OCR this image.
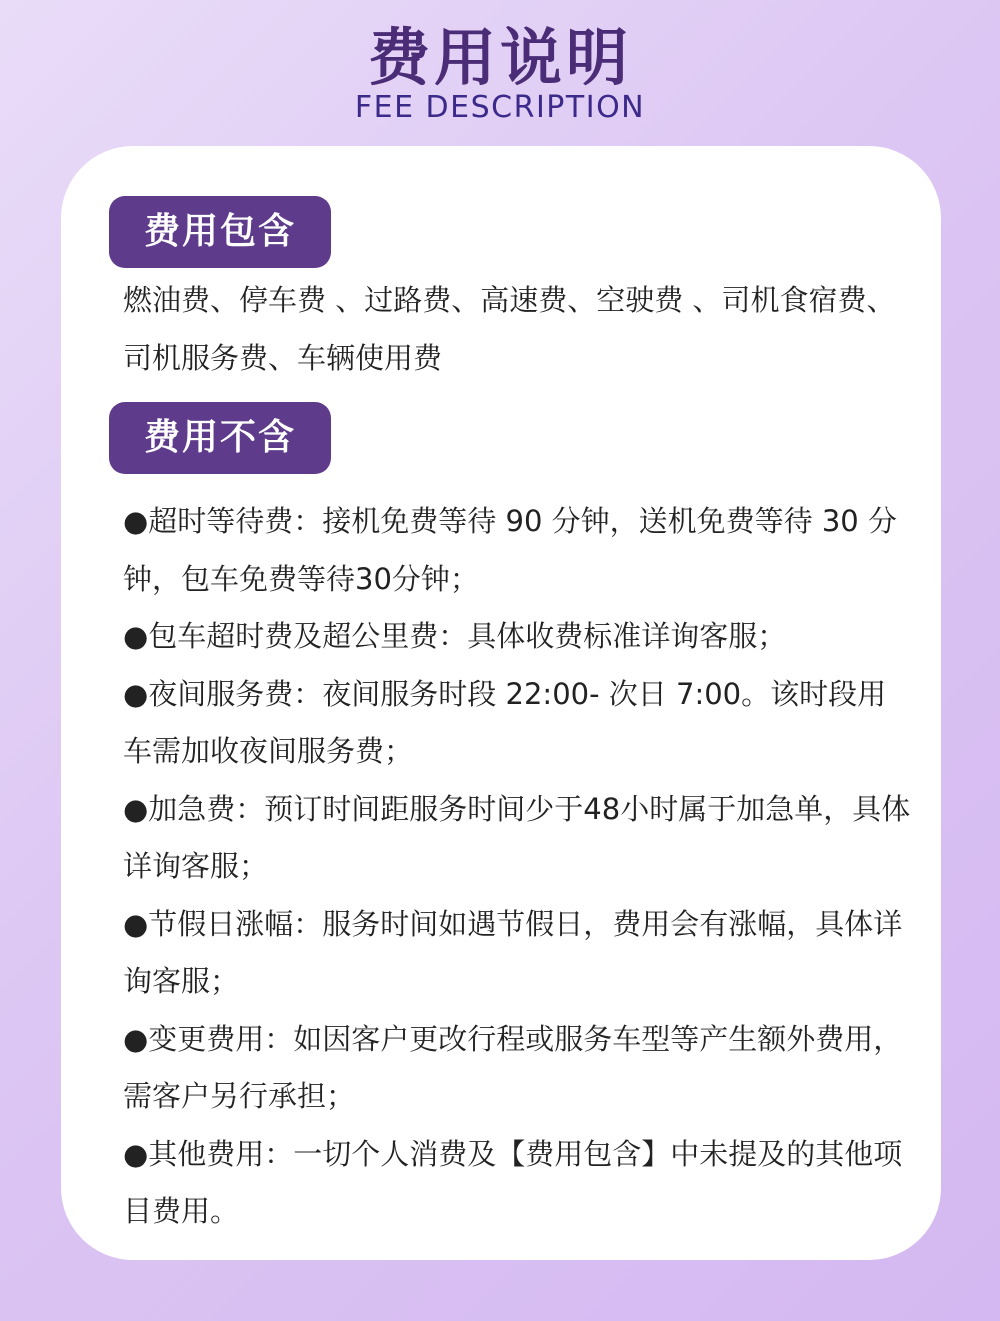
费用说明
FEE DESCRIPTION
费用包含
燃油费、停车费 、过路费、高速费、空驶费 、司机食宿费、司机服务费、车辆使用费
费用不含

●超时等待费：接机免费等待 90 分钟，送机免费等待 30 分钟，包车免费等待30分钟；

●包车超时费及超公里费：具体收费标准详询客服；

●夜间服务费：夜间服务时段 22:00- 次日 7:00。该时段用车需加收夜间服务费；

●加急费：预订时间距服务时间少于48小时属于加急单，具体详询客服；

●节假日涨幅：服务时间如遇节假日，费用会有涨幅，具体详询客服；

●变更费用：如因客户更改行程或服务车型等产生额外费用，需客户另行承担；

●其他费用：一切个人消费及【费用包含】中未提及的其他项目费用。
